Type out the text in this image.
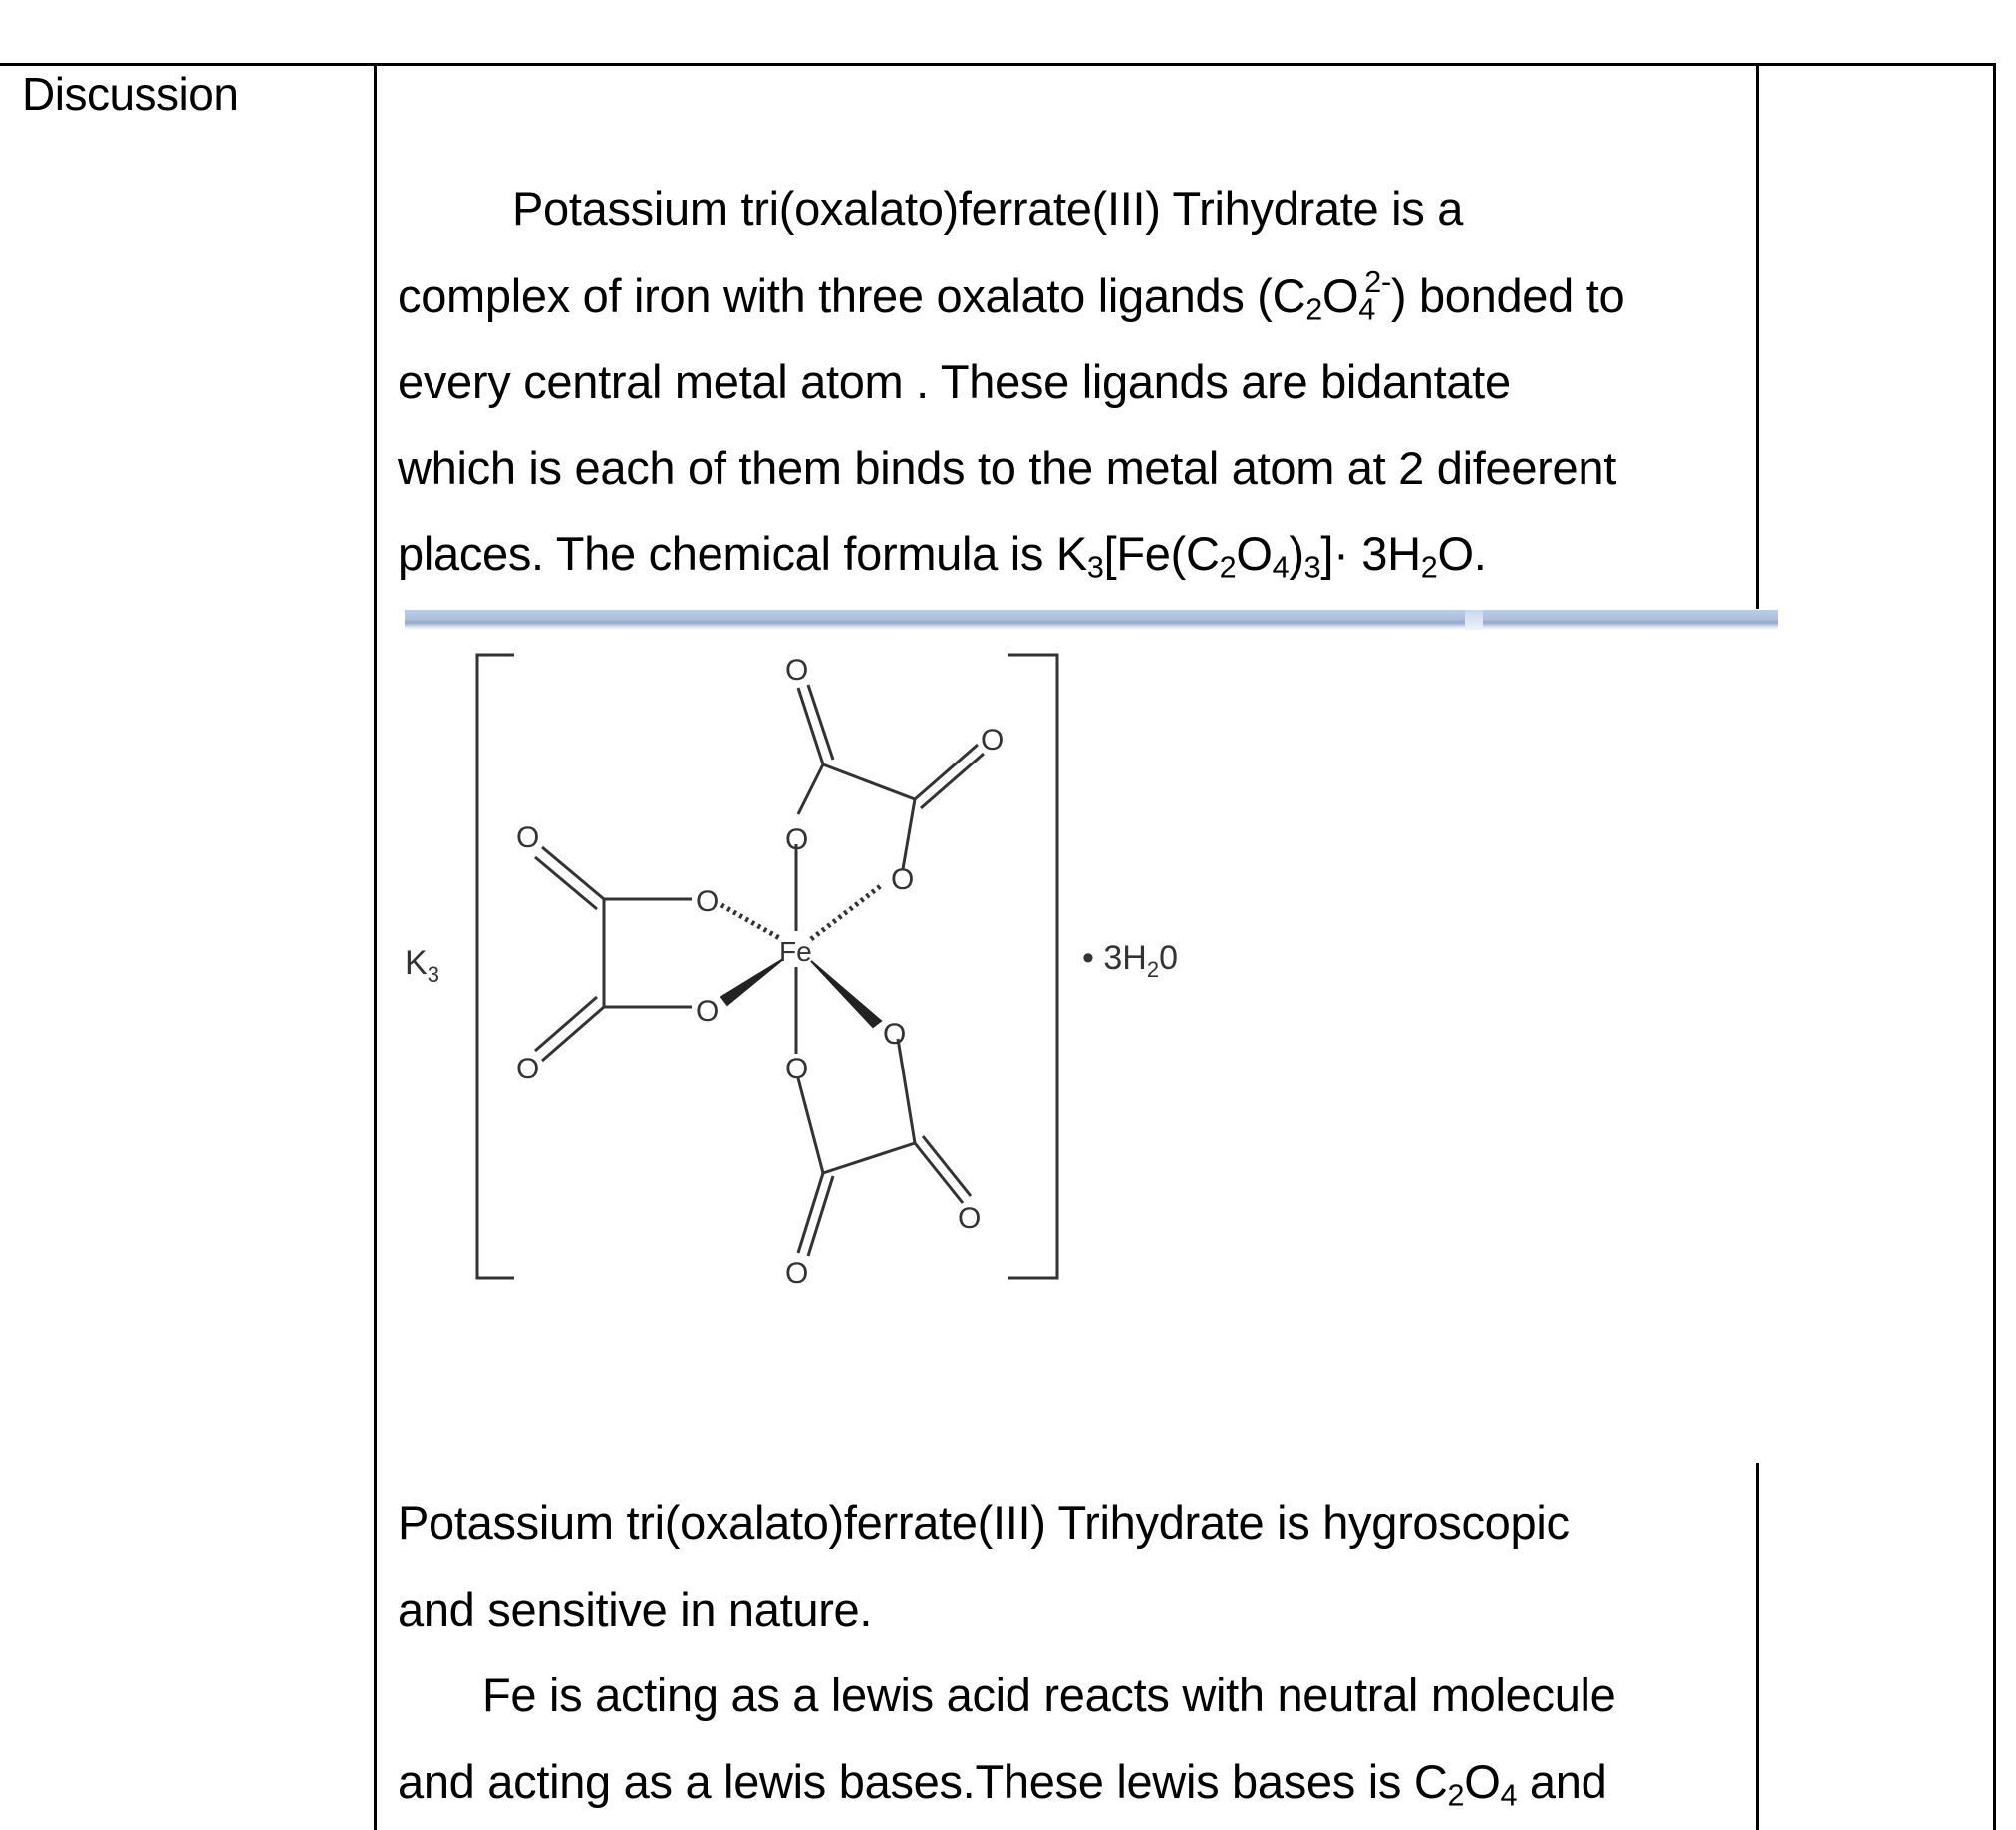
Discussion
Potassium tri(oxalato)ferrate(III) Trihydrate is a
complex of iron with three oxalato ligands $(C_2O_4^{2-})$ bonded to
every central metal atom . These ligands are bidantate
which is each of them binds to the metal atom at 2 difeerent
places. The chemical formula is $K_3[Fe(C_2O_4)_3]\cdot 3H_2O$.
O
O
O
O
O
O
O
O	O
O
O
O
Fe
$K_3$	• $3H_20$
Potassium tri(oxalato)ferrate(III) Trihydrate is hygroscopic
and sensitive in nature.
Fe is acting as a lewis acid reacts with neutral molecule
and acting as a lewis bases.These lewis bases is $C_2O_4$ and
